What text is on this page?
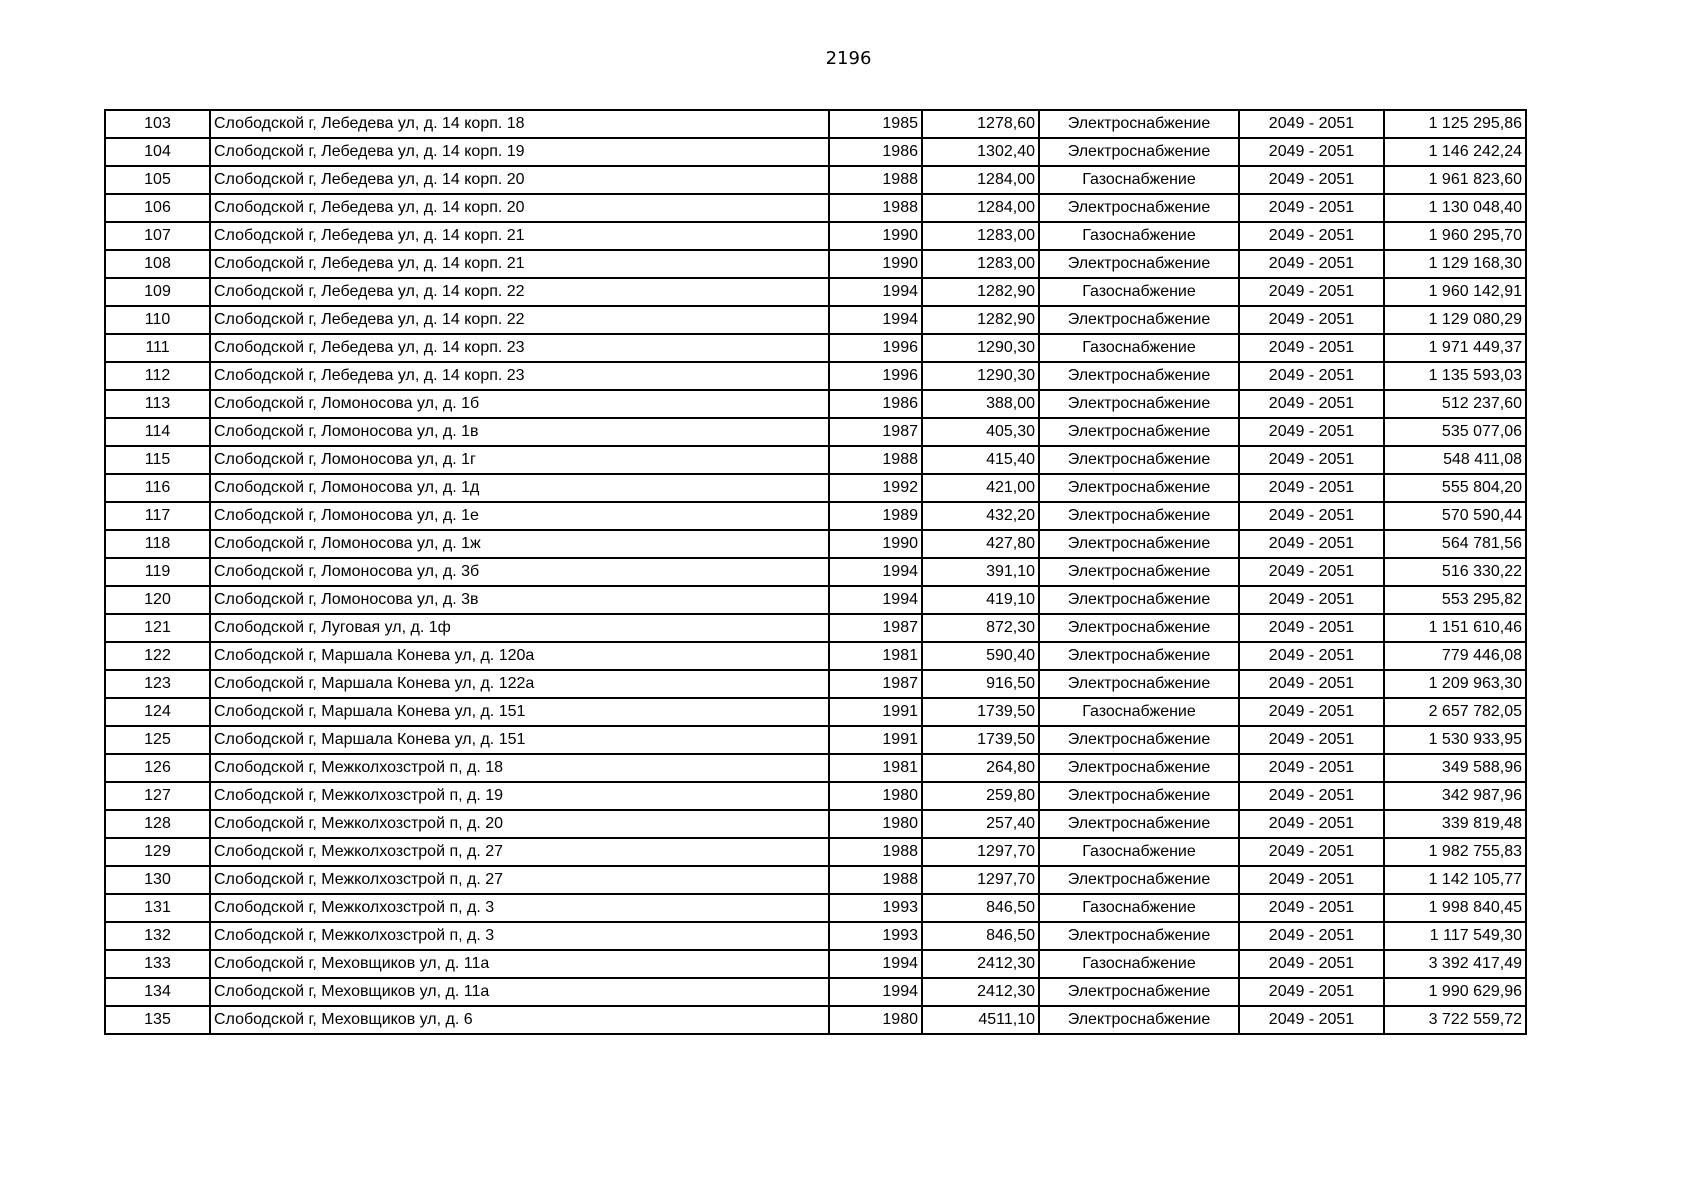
2196
103	Слободской г, Лебедева ул, д. 14 корп. 18	1985	1278,60	Электроснабжение	2049 - 2051	1 125 295,86
104	Слободской г, Лебедева ул, д. 14 корп. 19	1986	1302,40	Электроснабжение	2049 - 2051	1 146 242,24
105	Слободской г, Лебедева ул, д. 14 корп. 20	1988	1284,00	Газоснабжение	2049 - 2051	1 961 823,60
106	Слободской г, Лебедева ул, д. 14 корп. 20	1988	1284,00	Электроснабжение	2049 - 2051	1 130 048,40
107	Слободской г, Лебедева ул, д. 14 корп. 21	1990	1283,00	Газоснабжение	2049 - 2051	1 960 295,70
108	Слободской г, Лебедева ул, д. 14 корп. 21	1990	1283,00	Электроснабжение	2049 - 2051	1 129 168,30
109	Слободской г, Лебедева ул, д. 14 корп. 22	1994	1282,90	Газоснабжение	2049 - 2051	1 960 142,91
110	Слободской г, Лебедева ул, д. 14 корп. 22	1994	1282,90	Электроснабжение	2049 - 2051	1 129 080,29
111	Слободской г, Лебедева ул, д. 14 корп. 23	1996	1290,30	Газоснабжение	2049 - 2051	1 971 449,37
112	Слободской г, Лебедева ул, д. 14 корп. 23	1996	1290,30	Электроснабжение	2049 - 2051	1 135 593,03
113	Слободской г, Ломоносова ул, д. 1б	1986	388,00	Электроснабжение	2049 - 2051	512 237,60
114	Слободской г, Ломоносова ул, д. 1в	1987	405,30	Электроснабжение	2049 - 2051	535 077,06
115	Слободской г, Ломоносова ул, д. 1г	1988	415,40	Электроснабжение	2049 - 2051	548 411,08
116	Слободской г, Ломоносова ул, д. 1д	1992	421,00	Электроснабжение	2049 - 2051	555 804,20
117	Слободской г, Ломоносова ул, д. 1е	1989	432,20	Электроснабжение	2049 - 2051	570 590,44
118	Слободской г, Ломоносова ул, д. 1ж	1990	427,80	Электроснабжение	2049 - 2051	564 781,56
119	Слободской г, Ломоносова ул, д. 3б	1994	391,10	Электроснабжение	2049 - 2051	516 330,22
120	Слободской г, Ломоносова ул, д. 3в	1994	419,10	Электроснабжение	2049 - 2051	553 295,82
121	Слободской г, Луговая ул, д. 1ф	1987	872,30	Электроснабжение	2049 - 2051	1 151 610,46
122	Слободской г, Маршала Конева ул, д. 120а	1981	590,40	Электроснабжение	2049 - 2051	779 446,08
123	Слободской г, Маршала Конева ул, д. 122а	1987	916,50	Электроснабжение	2049 - 2051	1 209 963,30
124	Слободской г, Маршала Конева ул, д. 151	1991	1739,50	Газоснабжение	2049 - 2051	2 657 782,05
125	Слободской г, Маршала Конева ул, д. 151	1991	1739,50	Электроснабжение	2049 - 2051	1 530 933,95
126	Слободской г, Межколхозстрой п, д. 18	1981	264,80	Электроснабжение	2049 - 2051	349 588,96
127	Слободской г, Межколхозстрой п, д. 19	1980	259,80	Электроснабжение	2049 - 2051	342 987,96
128	Слободской г, Межколхозстрой п, д. 20	1980	257,40	Электроснабжение	2049 - 2051	339 819,48
129	Слободской г, Межколхозстрой п, д. 27	1988	1297,70	Газоснабжение	2049 - 2051	1 982 755,83
130	Слободской г, Межколхозстрой п, д. 27	1988	1297,70	Электроснабжение	2049 - 2051	1 142 105,77
131	Слободской г, Межколхозстрой п, д. 3	1993	846,50	Газоснабжение	2049 - 2051	1 998 840,45
132	Слободской г, Межколхозстрой п, д. 3	1993	846,50	Электроснабжение	2049 - 2051	1 117 549,30
133	Слободской г, Меховщиков ул, д. 11а	1994	2412,30	Газоснабжение	2049 - 2051	3 392 417,49
134	Слободской г, Меховщиков ул, д. 11а	1994	2412,30	Электроснабжение	2049 - 2051	1 990 629,96
135	Слободской г, Меховщиков ул, д. 6	1980	4511,10	Электроснабжение	2049 - 2051	3 722 559,72
